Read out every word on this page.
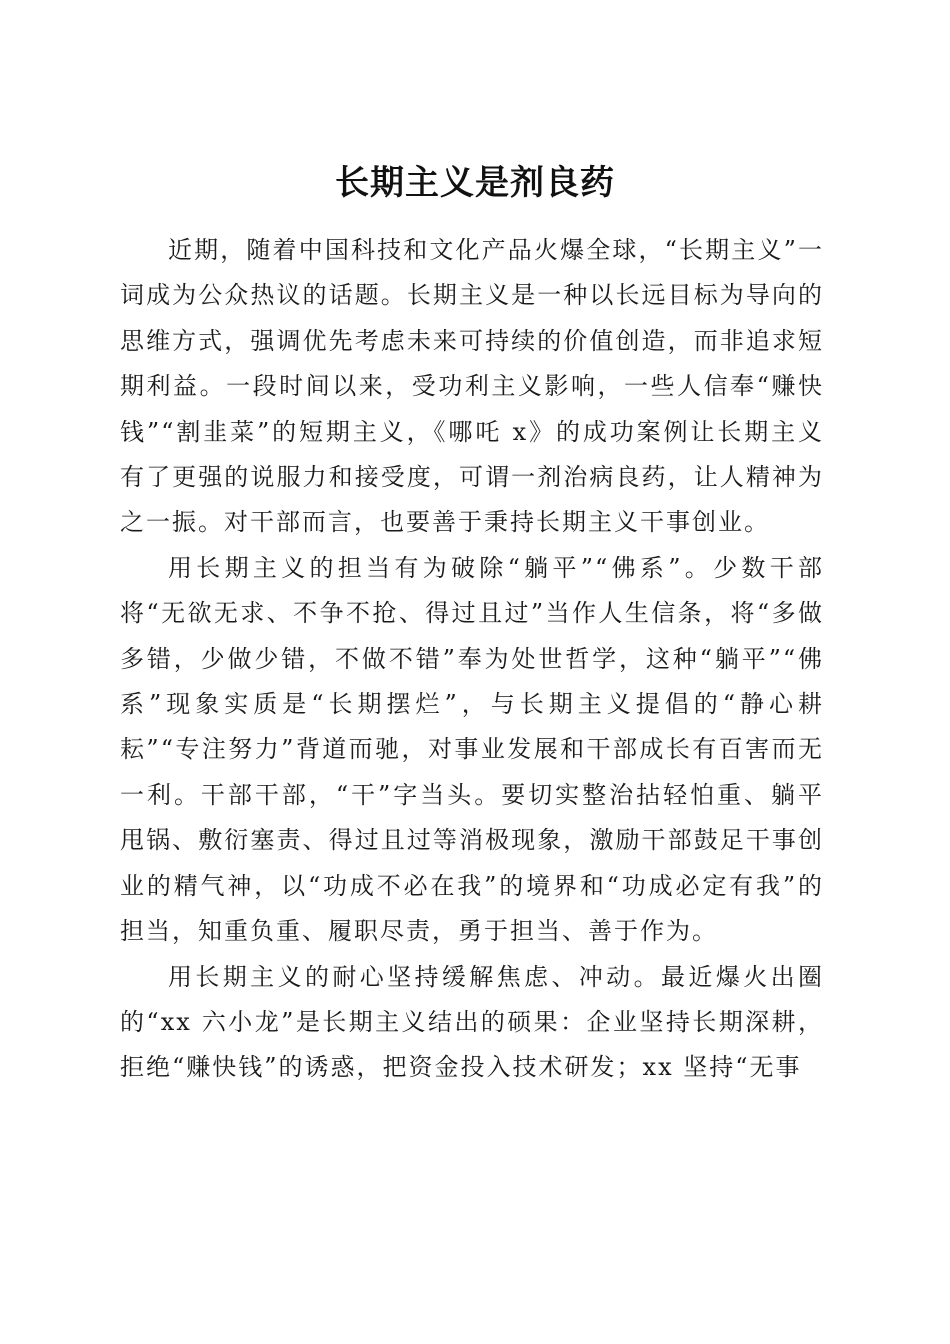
长期主义是剂良药

近期，随着中国科技和文化产品火爆全球，“长期主义”一词成为公众热议的话题。长期主义是一种以长远目标为导向的思维方式，强调优先考虑未来可持续的价值创造，而非追求短期利益。一段时间以来，受功利主义影响，一些人信奉“赚快钱”“割韭菜”的短期主义，《哪吒 x》的成功案例让长期主义有了更强的说服力和接受度，可谓一剂治病良药，让人精神为之一振。对干部而言，也要善于秉持长期主义干事创业。

用长期主义的担当有为破除“躺平”“佛系”。少数干部将“无欲无求、不争不抢、得过且过”当作人生信条，将“多做多错，少做少错，不做不错”奉为处世哲学，这种“躺平”“佛系”现象实质是“长期摆烂”，与长期主义提倡的“静心耕耘”“专注努力”背道而驰，对事业发展和干部成长有百害而无一利。干部干部，“干”字当头。要切实整治拈轻怕重、躺平甩锅、敷衍塞责、得过且过等消极现象，激励干部鼓足干事创业的精气神，以“功成不必在我”的境界和“功成必定有我”的担当，知重负重、履职尽责，勇于担当、善于作为。

用长期主义的耐心坚持缓解焦虑、冲动。最近爆火出圈的“xx 六小龙”是长期主义结出的硕果：企业坚持长期深耕，拒绝“赚快钱”的诱惑，把资金投入技术研发；xx 坚持“无事
